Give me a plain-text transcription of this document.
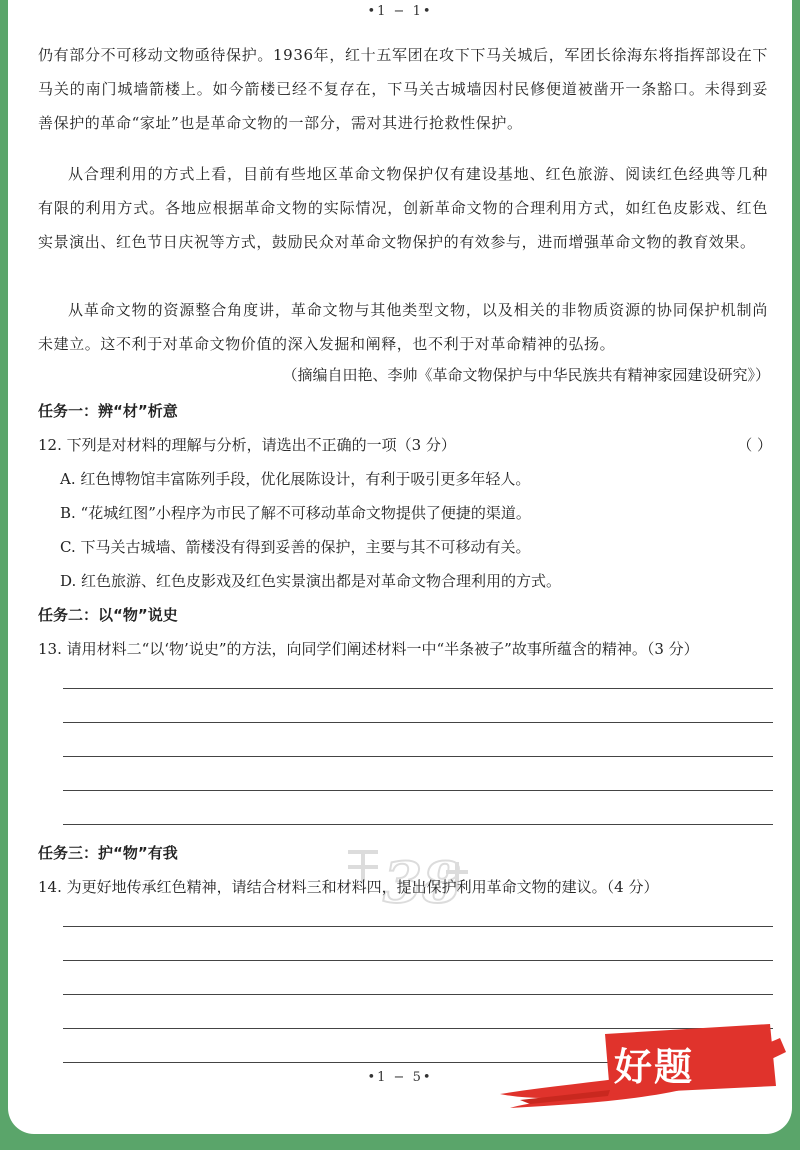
•1 − 1•

仍有部分不可移动文物亟待保护。1936年，红十五军团在攻下下马关城后，军团长徐海东将指挥部设在下马关的南门城墙箭楼上。如今箭楼已经不复存在，下马关古城墙因村民修便道被凿开一条豁口。未得到妥善保护的革命“家址”也是革命文物的一部分，需对其进行抢救性保护。

从合理利用的方式上看，目前有些地区革命文物保护仅有建设基地、红色旅游、阅读红色经典等几种有限的利用方式。各地应根据革命文物的实际情况，创新革命文物的合理利用方式，如红色皮影戏、红色实景演出、红色节日庆祝等方式，鼓励民众对革命文物保护的有效参与，进而增强革命文物的教育效果。

从革命文物的资源整合角度讲，革命文物与其他类型文物，以及相关的非物质资源的协同保护机制尚未建立。这不利于对革命文物价值的深入发掘和阐释，也不利于对革命精神的弘扬。

（摘编自田艳、李帅《革命文物保护与中华民族共有精神家园建设研究》）
任务一：辨“材”析意
12. 下列是对材料的理解与分析，请选出不正确的一项（3 分）	（ ）
A. 红色博物馆丰富陈列手段，优化展陈设计，有利于吸引更多年轻人。
B. “花城红图”小程序为市民了解不可移动革命文物提供了便捷的渠道。
C. 下马关古城墙、箭楼没有得到妥善的保护，主要与其不可移动有关。
D. 红色旅游、红色皮影戏及红色实景演出都是对革命文物合理利用的方式。
任务二：以“物”说史
13. 请用材料二“以‘物’说史”的方法，向同学们阐述材料一中“半条被子”故事所蕴含的精神。（3 分）
任务三：护“物”有我
14. 为更好地传承红色精神，请结合材料三和材料四，提出保护利用革命文物的建议。（4 分）
•1 − 5•
38
好题
